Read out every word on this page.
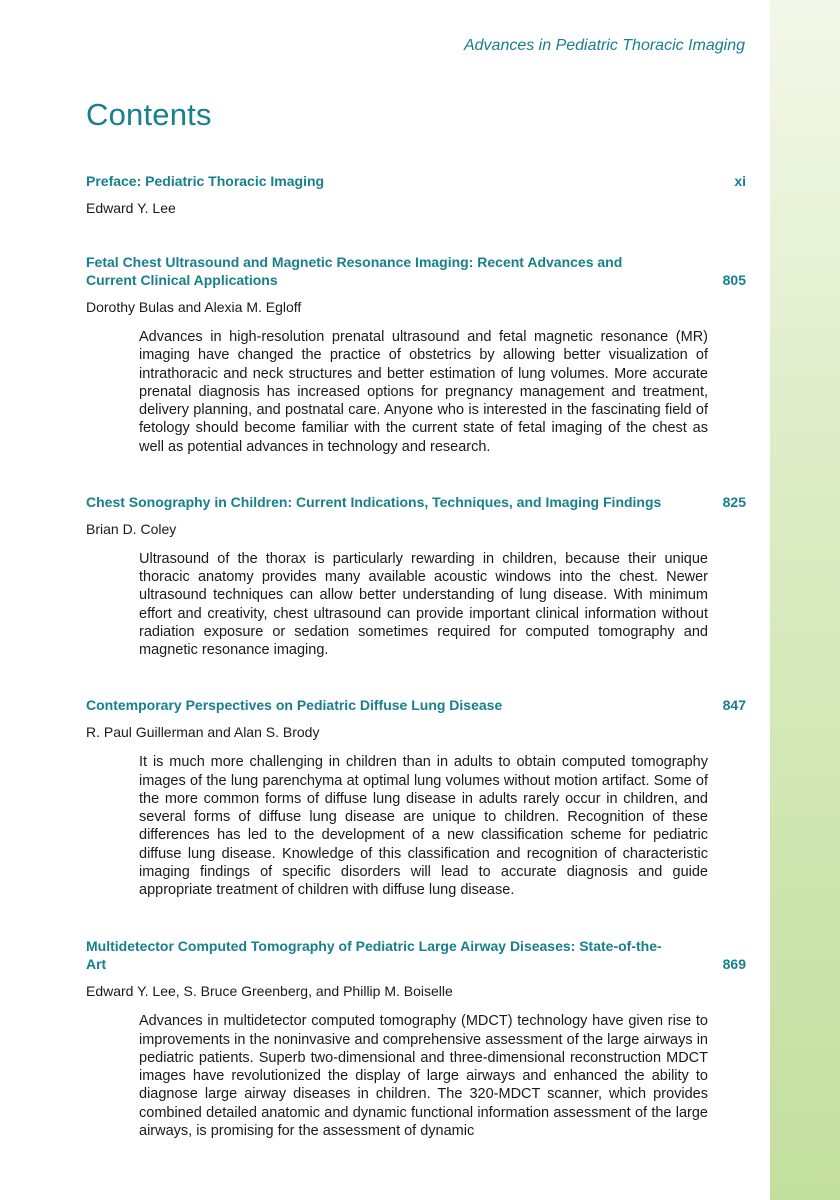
Advances in Pediatric Thoracic Imaging
Contents
Preface: Pediatric Thoracic Imaging	xi
Edward Y. Lee
Fetal Chest Ultrasound and Magnetic Resonance Imaging: Recent Advances and Current Clinical Applications	805
Dorothy Bulas and Alexia M. Egloff

Advances in high-resolution prenatal ultrasound and fetal magnetic resonance (MR) imaging have changed the practice of obstetrics by allowing better visualization of intrathoracic and neck structures and better estimation of lung volumes. More accurate prenatal diagnosis has increased options for pregnancy management and treatment, delivery planning, and postnatal care. Anyone who is interested in the fascinating field of fetology should become familiar with the current state of fetal imaging of the chest as well as potential advances in technology and research.

Chest Sonography in Children: Current Indications, Techniques, and Imaging Findings	825
Brian D. Coley

Ultrasound of the thorax is particularly rewarding in children, because their unique thoracic anatomy provides many available acoustic windows into the chest. Newer ultrasound techniques can allow better understanding of lung disease. With minimum effort and creativity, chest ultrasound can provide important clinical information without radiation exposure or sedation sometimes required for computed tomography and magnetic resonance imaging.

Contemporary Perspectives on Pediatric Diffuse Lung Disease	847
R. Paul Guillerman and Alan S. Brody

It is much more challenging in children than in adults to obtain computed tomography images of the lung parenchyma at optimal lung volumes without motion artifact. Some of the more common forms of diffuse lung disease in adults rarely occur in children, and several forms of diffuse lung disease are unique to children. Recognition of these differences has led to the development of a new classification scheme for pediatric diffuse lung disease. Knowledge of this classification and recognition of characteristic imaging findings of specific disorders will lead to accurate diagnosis and guide appropriate treatment of children with diffuse lung disease.

Multidetector Computed Tomography of Pediatric Large Airway Diseases: State-of-the-Art	869
Edward Y. Lee, S. Bruce Greenberg, and Phillip M. Boiselle

Advances in multidetector computed tomography (MDCT) technology have given rise to improvements in the noninvasive and comprehensive assessment of the large airways in pediatric patients. Superb two-dimensional and three-dimensional reconstruction MDCT images have revolutionized the display of large airways and enhanced the ability to diagnose large airway diseases in children. The 320-MDCT scanner, which provides combined detailed anatomic and dynamic functional information assessment of the large airways, is promising for the assessment of dynamic
